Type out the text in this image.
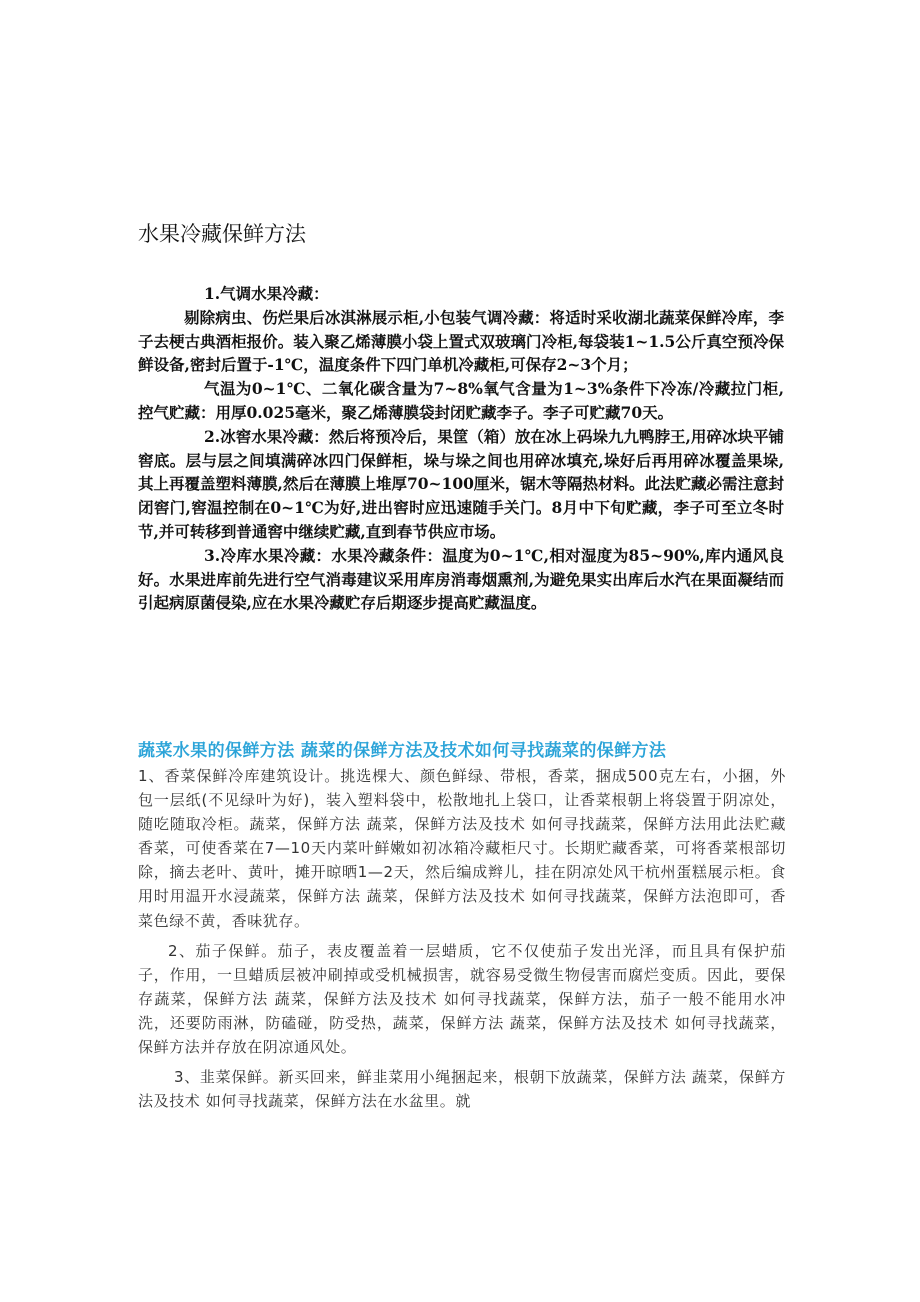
水果冷藏保鲜方法

1.气调水果冷藏：

剔除病虫、伤烂果后冰淇淋展示柜,小包装气调冷藏：将适时采收湖北蔬菜保鲜冷库，李子去梗古典酒柜报价。装入聚乙烯薄膜小袋上置式双玻璃门冷柜,每袋装1~1.5公斤真空预冷保鲜设备,密封后置于-1℃，温度条件下四门单机冷藏柜,可保存2~3个月；

气温为0~1℃、二氧化碳含量为7~8%氧气含量为1~3%条件下冷冻/冷藏拉门柜,控气贮藏：用厚0.025毫米，聚乙烯薄膜袋封闭贮藏李子。李子可贮藏70天。

2.冰窖水果冷藏：然后将预冷后，果筐（箱）放在冰上码垛九九鸭脖王,用碎冰块平铺窖底。层与层之间填满碎冰四门保鲜柜，垛与垛之间也用碎冰填充,垛好后再用碎冰覆盖果垛,其上再覆盖塑料薄膜,然后在薄膜上堆厚70~100厘米，锯木等隔热材料。此法贮藏必需注意封闭窖门,窖温控制在0~1℃为好,进出窖时应迅速随手关门。8月中下旬贮藏，李子可至立冬时节,并可转移到普通窖中继续贮藏,直到春节供应市场。

3.冷库水果冷藏：水果冷藏条件：温度为0~1℃,相对湿度为85~90%,库内通风良好。水果进库前先进行空气消毒建议采用库房消毒烟熏剂,为避免果实出库后水汽在果面凝结而引起病原菌侵染,应在水果冷藏贮存后期逐步提高贮藏温度。

蔬菜水果的保鲜方法 蔬菜的保鲜方法及技术如何寻找蔬菜的保鲜方法

1、香菜保鲜冷库建筑设计。挑选棵大、颜色鲜绿、带根，香菜，捆成500克左右，小捆，外包一层纸(不见绿叶为好)，装入塑料袋中，松散地扎上袋口，让香菜根朝上将袋置于阴凉处，随吃随取冷柜。蔬菜，保鲜方法 蔬菜，保鲜方法及技术 如何寻找蔬菜，保鲜方法用此法贮藏香菜，可使香菜在7—10天内菜叶鲜嫩如初冰箱冷藏柜尺寸。长期贮藏香菜，可将香菜根部切除，摘去老叶、黄叶，摊开晾晒1—2天，然后编成辫儿，挂在阴凉处风干杭州蛋糕展示柜。食用时用温开水浸蔬菜，保鲜方法 蔬菜，保鲜方法及技术 如何寻找蔬菜，保鲜方法泡即可，香菜色绿不黄，香味犹存。

2、茄子保鲜。茄子，表皮覆盖着一层蜡质，它不仅使茄子发出光泽，而且具有保护茄子，作用，一旦蜡质层被冲刷掉或受机械损害，就容易受微生物侵害而腐烂变质。因此，要保存蔬菜，保鲜方法 蔬菜，保鲜方法及技术 如何寻找蔬菜，保鲜方法，茄子一般不能用水冲洗，还要防雨淋，防磕碰，防受热，蔬菜，保鲜方法 蔬菜，保鲜方法及技术 如何寻找蔬菜，保鲜方法并存放在阴凉通风处。

3、韭菜保鲜。新买回来，鲜韭菜用小绳捆起来，根朝下放蔬菜，保鲜方法 蔬菜，保鲜方法及技术 如何寻找蔬菜，保鲜方法在水盆里。就
